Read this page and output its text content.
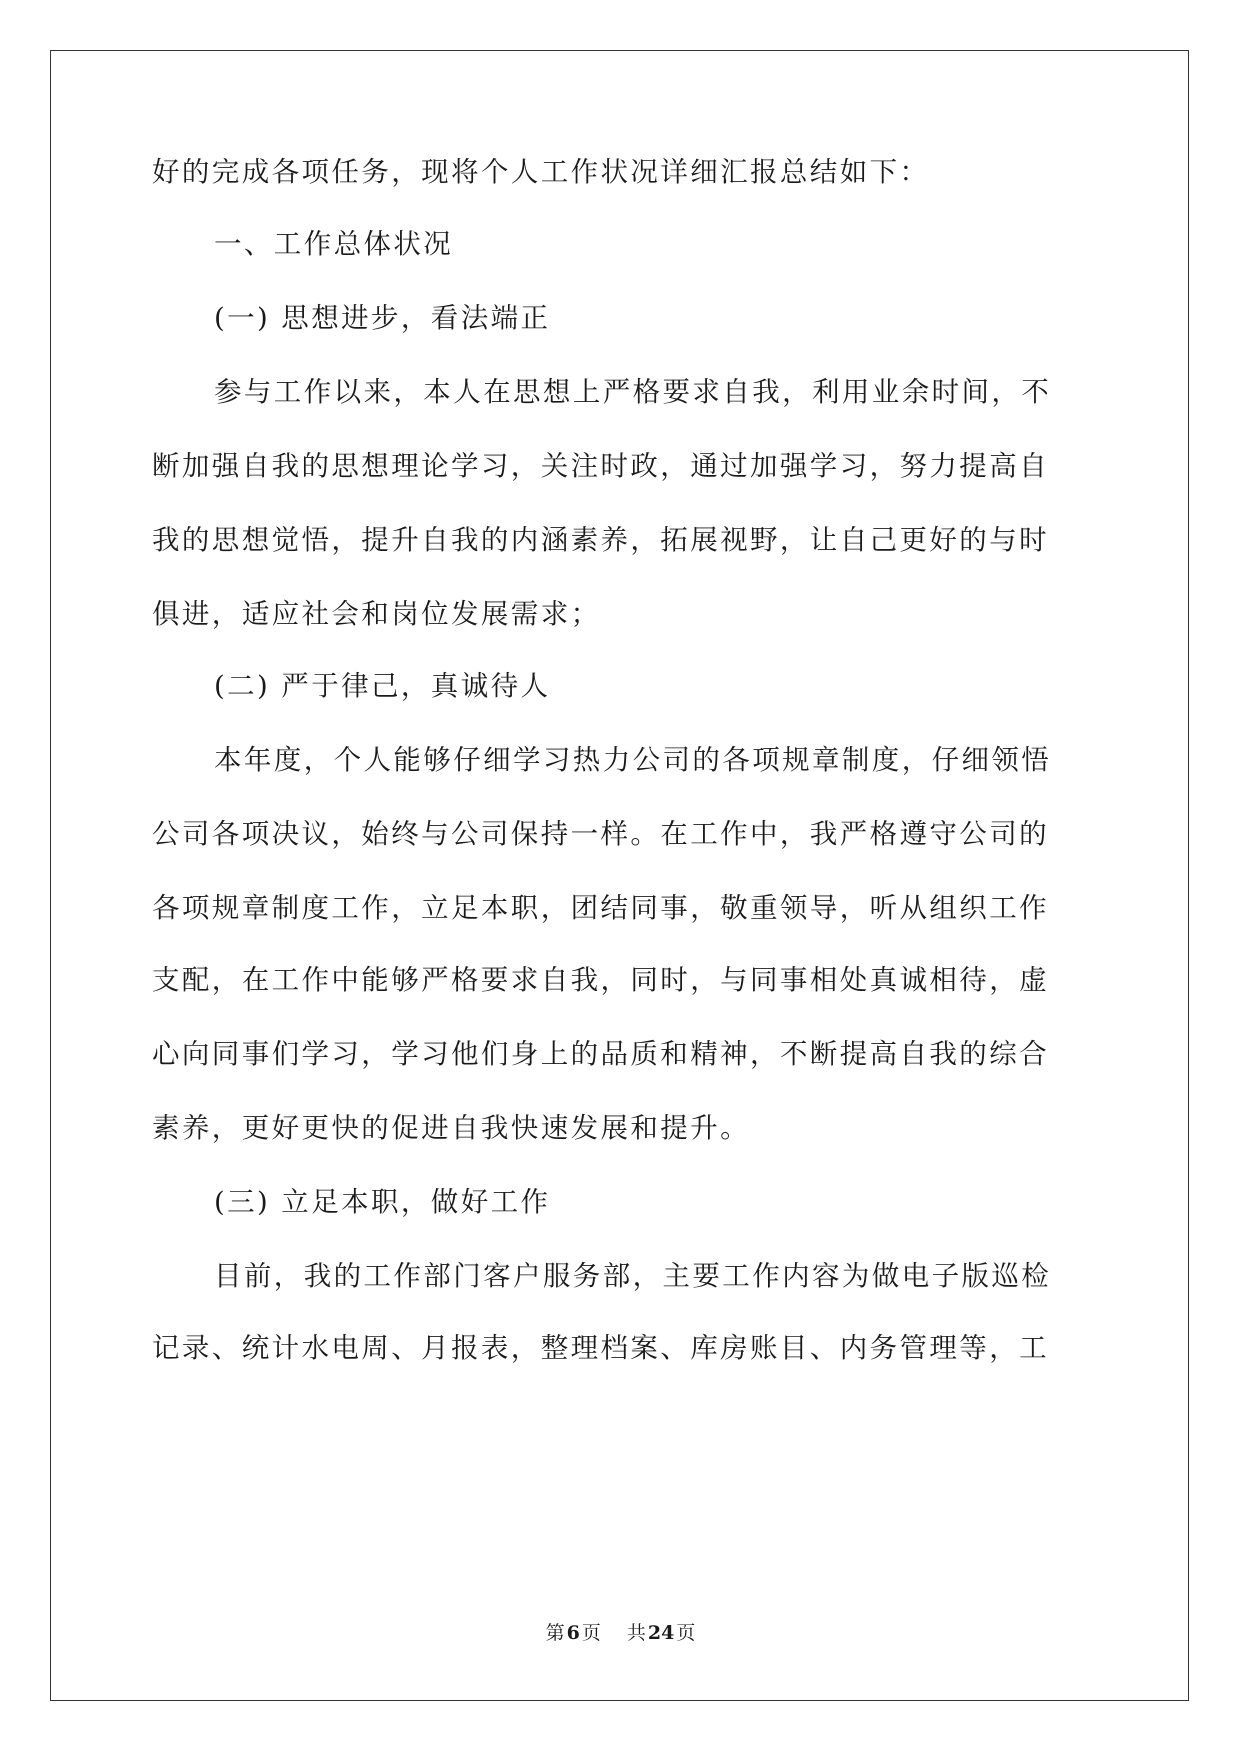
好的完成各项任务，现将个人工作状况详细汇报总结如下：
一、工作总体状况
(一) 思想进步，看法端正
参与工作以来，本人在思想上严格要求自我，利用业余时间，不
断加强自我的思想理论学习，关注时政，通过加强学习，努力提高自
我的思想觉悟，提升自我的内涵素养，拓展视野，让自己更好的与时
俱进，适应社会和岗位发展需求；
(二) 严于律己，真诚待人
本年度，个人能够仔细学习热力公司的各项规章制度，仔细领悟
公司各项决议，始终与公司保持一样。在工作中，我严格遵守公司的
各项规章制度工作，立足本职，团结同事，敬重领导，听从组织工作
支配，在工作中能够严格要求自我，同时，与同事相处真诚相待，虚
心向同事们学习，学习他们身上的品质和精神，不断提高自我的综合
素养，更好更快的促进自我快速发展和提升。
(三) 立足本职，做好工作
目前，我的工作部门客户服务部，主要工作内容为做电子版巡检
记录、统计水电周、月报表，整理档案、库房账目、内务管理等，工
第 6 页 共 24 页
